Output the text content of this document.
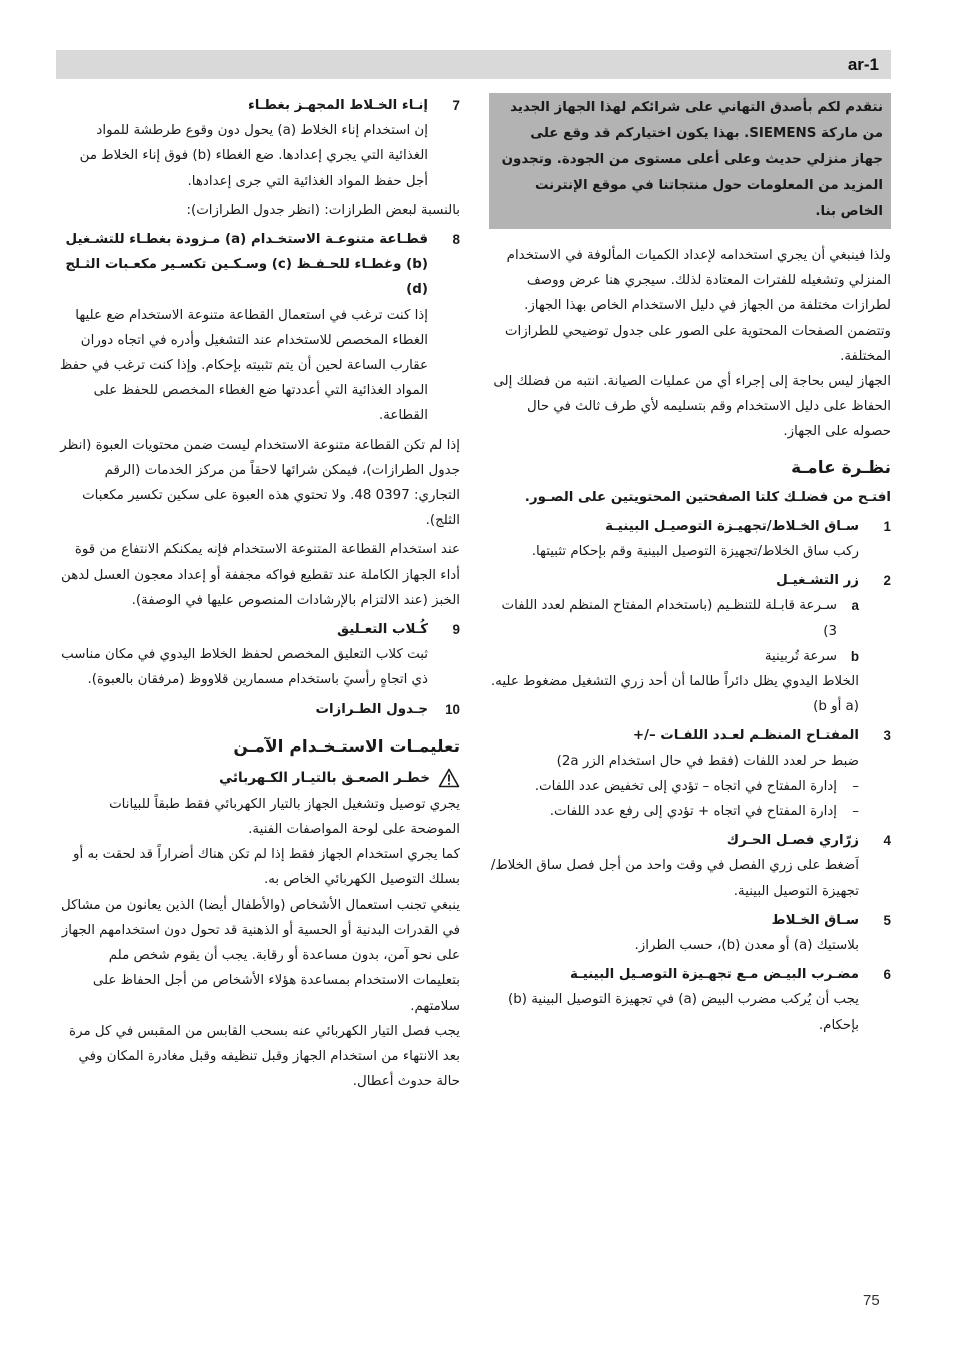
ar-1
نتقدم لكم بأصدق التهاني على شرائكم لهذا الجهاز الجديد من ماركة SIEMENS. بهذا يكون اختياركم قد وقع على جهاز منزلي حديث وعلى أعلى مستوى من الجودة. وتجدون المزيد من المعلومات حول منتجاتنا في موقع الإنترنت الخاص بنا.

ولذا فينبغي أن يجري استخدامه لإعداد الكميات المألوفة في الاستخدام المنزلي وتشغيله للفترات المعتادة لذلك. سيجري هنا عرض ووصف لطرازات مختلفة من الجهاز في دليل الاستخدام الخاص بهذا الجهاز.

وتتضمن الصفحات المحتوية على الصور على جدول توضيحي للطرازات المختلفة.

الجهاز ليس بحاجة إلى إجراء أي من عمليات الصيانة. انتبه من فضلك إلى الحفاظ على دليل الاستخدام وقم بتسليمه لأي طرف ثالث في حال حصوله على الجهاز.

نظـرة عامـة

افتـح من فضلـك كلتا الصفحتين المحتويتين على الصـور.

1
سـاق الخـلاط/تجهيـزة التوصيـل البينيـة

ركب ساق الخلاط/تجهيزة التوصيل البينية وقم بإحكام تثبيتها.

2
زر التشـغيـل
a
سـرعة قابـلة للتنظـيم (باستخدام المفتاح المنظم لعدد اللفات 3)
b
سرعة تُربينية

الخلاط اليدوي يظل دائراً طالما أن أحد زري التشغيل مضغوط عليه. (a أو b)

3
المفتـاح المنظـم لعـدد اللفـات –/+

ضبط حر لعدد اللفات (فقط في حال استخدام الزر 2a)

–
إدارة المفتاح في اتجاه – تؤدي إلى تخفيض عدد اللفات.
–
إدارة المفتاح في اتجاه + تؤدي إلى رفع عدد اللفات.
4
زرّاري فصـل الحـرك

اَضغط على زري الفصل في وقت واحد من أجل فصل ساق الخلاط/تجهيزة التوصيل البينية.

5
سـاق الخـلاط

بلاستيك (a) أو معدن (b)، حسب الطراز.

6
مضـرب البيـض مـع تجهـيزة التوصـيل البينيـة

يجب أن يُركب مضرب البيض (a) في تجهيزة التوصيل البينية (b) بإحكام.

7
إنـاء الخـلاط المجهـز بغطـاء

إن استخدام إناء الخلاط (a) يحول دون وقوع طرطشة للمواد الغذائية التي يجري إعدادها. ضع الغطاء (b) فوق إناء الخلاط من أجل حفظ المواد الغذائية التي جرى إعدادها.

بالنسبة لبعض الطرازات: (انظر جدول الطرازات):

8
قطـاعة متنوعـة الاستخـدام (a) مـزودة بغطـاء للتشـغيل (b) وغطـاء للحـفـظ (c) وسـكـين تكسـير مكعـبات الثـلج (d)

إذا كنت ترغب في استعمال القطاعة متنوعة الاستخدام ضع عليها الغطاء المخصص للاستخدام عند التشغيل وأدره في اتجاه دوران عقارب الساعة لحين أن يتم تثبيته بإحكام. وإذا كنت ترغب في حفظ المواد الغذائية التي أعددتها ضع الغطاء المخصص للحفظ على القطاعة.

إذا لم تكن القطاعة متنوعة الاستخدام ليست ضمن محتويات العبوة (انظر جدول الطرازات)، فيمكن شرائها لاحقاً من مركز الخدمات (الرقم التجاري: 0397 48. ولا تحتوي هذه العبوة على سكين تكسير مكعبات الثلج).

عند استخدام القطاعة المتنوعة الاستخدام فإنه يمكنكم الانتفاع من قوة أداء الجهاز الكاملة عند تقطيع فواكه مجففة أو إعداد معجون العسل لدهن الخبز (عند الالتزام بالإرشادات المنصوص عليها في الوصفة).

9
كُـلاب التعـليق

ثبت كلاب التعليق المخصص لحفظ الخلاط اليدوي في مكان مناسب ذي اتجاهٍ رأسيَ باستخدام مسمارين قلاووظ (مرفقان بالعبوة).

10
جـدول الطـرازات
تعليمـات الاستـخـدام الآمـن
خطـر الصعـق بالتيـار الكـهربائي

يجري توصيل وتشغيل الجهاز بالتيار الكهربائي فقط طبقاً للبيانات الموضحة على لوحة المواصفات الفنية.

كما يجري استخدام الجهاز فقط إذا لم تكن هناك أضراراً قد لحقت به أو بسلك التوصيل الكهربائي الخاص به.

ينبغي تجنب استعمال الأشخاص (والأطفال أيضا) الذين يعانون من مشاكل في القدرات البدنية أو الحسية أو الذهنية قد تحول دون استخدامهم الجهاز على نحو آمن، بدون مساعدة أو رقابة. يجب أن يقوم شخص ملم بتعليمات الاستخدام بمساعدة هؤلاء الأشخاص من أجل الحفاظ على سلامتهم.

يجب فصل التيار الكهربائي عنه بسحب القابس من المقبس في كل مرة بعد الانتهاء من استخدام الجهاز وقبل تنظيفه وقبل مغادرة المكان وفي حالة حدوث أعطال.

75
